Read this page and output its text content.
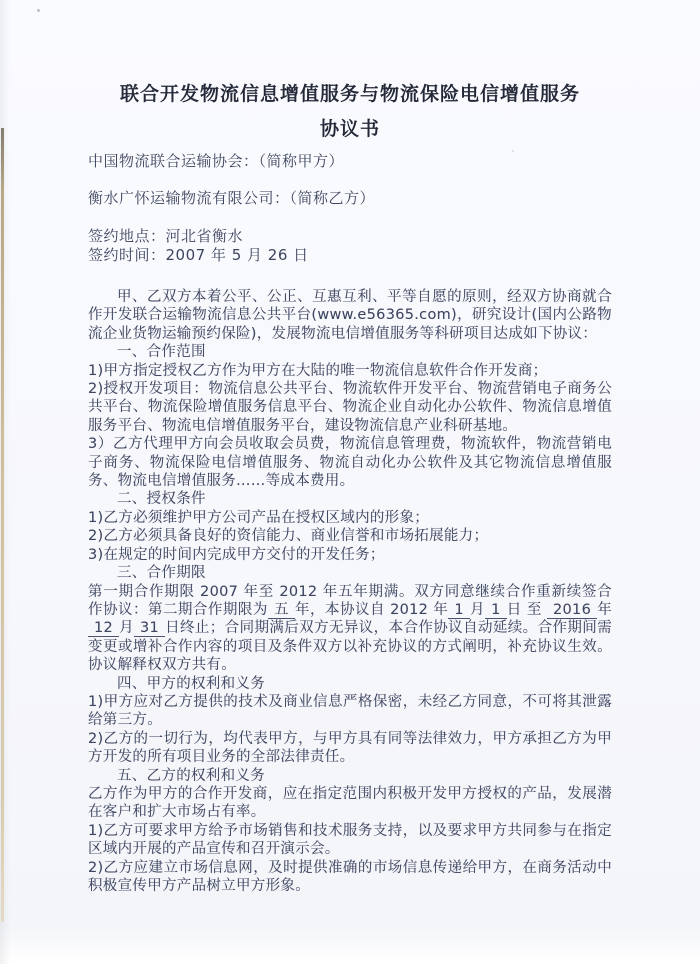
联合开发物流信息增值服务与物流保险电信增值服务
协议书

中国物流联合运输协会：（简称甲方）

衡水广怀运输物流有限公司：（简称乙方）

签约地点：河北省衡水

签约时间：2007 年 5 月 26 日

甲、乙双方本着公平、公正、互惠互利、平等自愿的原则，经双方协商就合作开发联合运输物流信息公共平台(www.e56365.com)，研究设计(国内公路物流企业货物运输预约保险)，发展物流电信增值服务等科研项目达成如下协议：

一、合作范围

1)甲方指定授权乙方作为甲方在大陆的唯一物流信息软件合作开发商；

2)授权开发项目：物流信息公共平台、物流软件开发平台、物流营销电子商务公共平台、物流保险增值服务信息平台、物流企业自动化办公软件、物流信息增值服务平台、物流电信增值服务平台，建设物流信息产业科研基地。

3）乙方代理甲方向会员收取会员费，物流信息管理费，物流软件，物流营销电子商务、物流保险电信增值服务、物流自动化办公软件及其它物流信息增值服务、物流电信增值服务……等成本费用。

二、授权条件

1)乙方必须维护甲方公司产品在授权区域内的形象；

2)乙方必须具备良好的资信能力、商业信誉和市场拓展能力；

3)在规定的时间内完成甲方交付的开发任务；

三、合作期限

第一期合作期限 2007 年至 2012 年五年期满。双方同意继续合作重新续签合作协议：第二期合作期限为 五 年，本协议自 2012 年 1 月 1 日 至  2016 年 12 月 31 日终止；合同期满后双方无异议，本合作协议自动延续。合作期间需变更或增补合作内容的项目及条件双方以补充协议的方式阐明，补充协议生效。协议解释权双方共有。

四、甲方的权利和义务

1)甲方应对乙方提供的技术及商业信息严格保密，未经乙方同意，不可将其泄露给第三方。

2)乙方的一切行为，均代表甲方，与甲方具有同等法律效力，甲方承担乙方为甲方开发的所有项目业务的全部法律责任。

五、乙方的权利和义务

乙方作为甲方的合作开发商，应在指定范围内积极开发甲方授权的产品，发展潜在客户和扩大市场占有率。

1)乙方可要求甲方给予市场销售和技术服务支持，以及要求甲方共同参与在指定区域内开展的产品宣传和召开演示会。

2)乙方应建立市场信息网，及时提供准确的市场信息传递给甲方，在商务活动中积极宣传甲方产品树立甲方形象。
